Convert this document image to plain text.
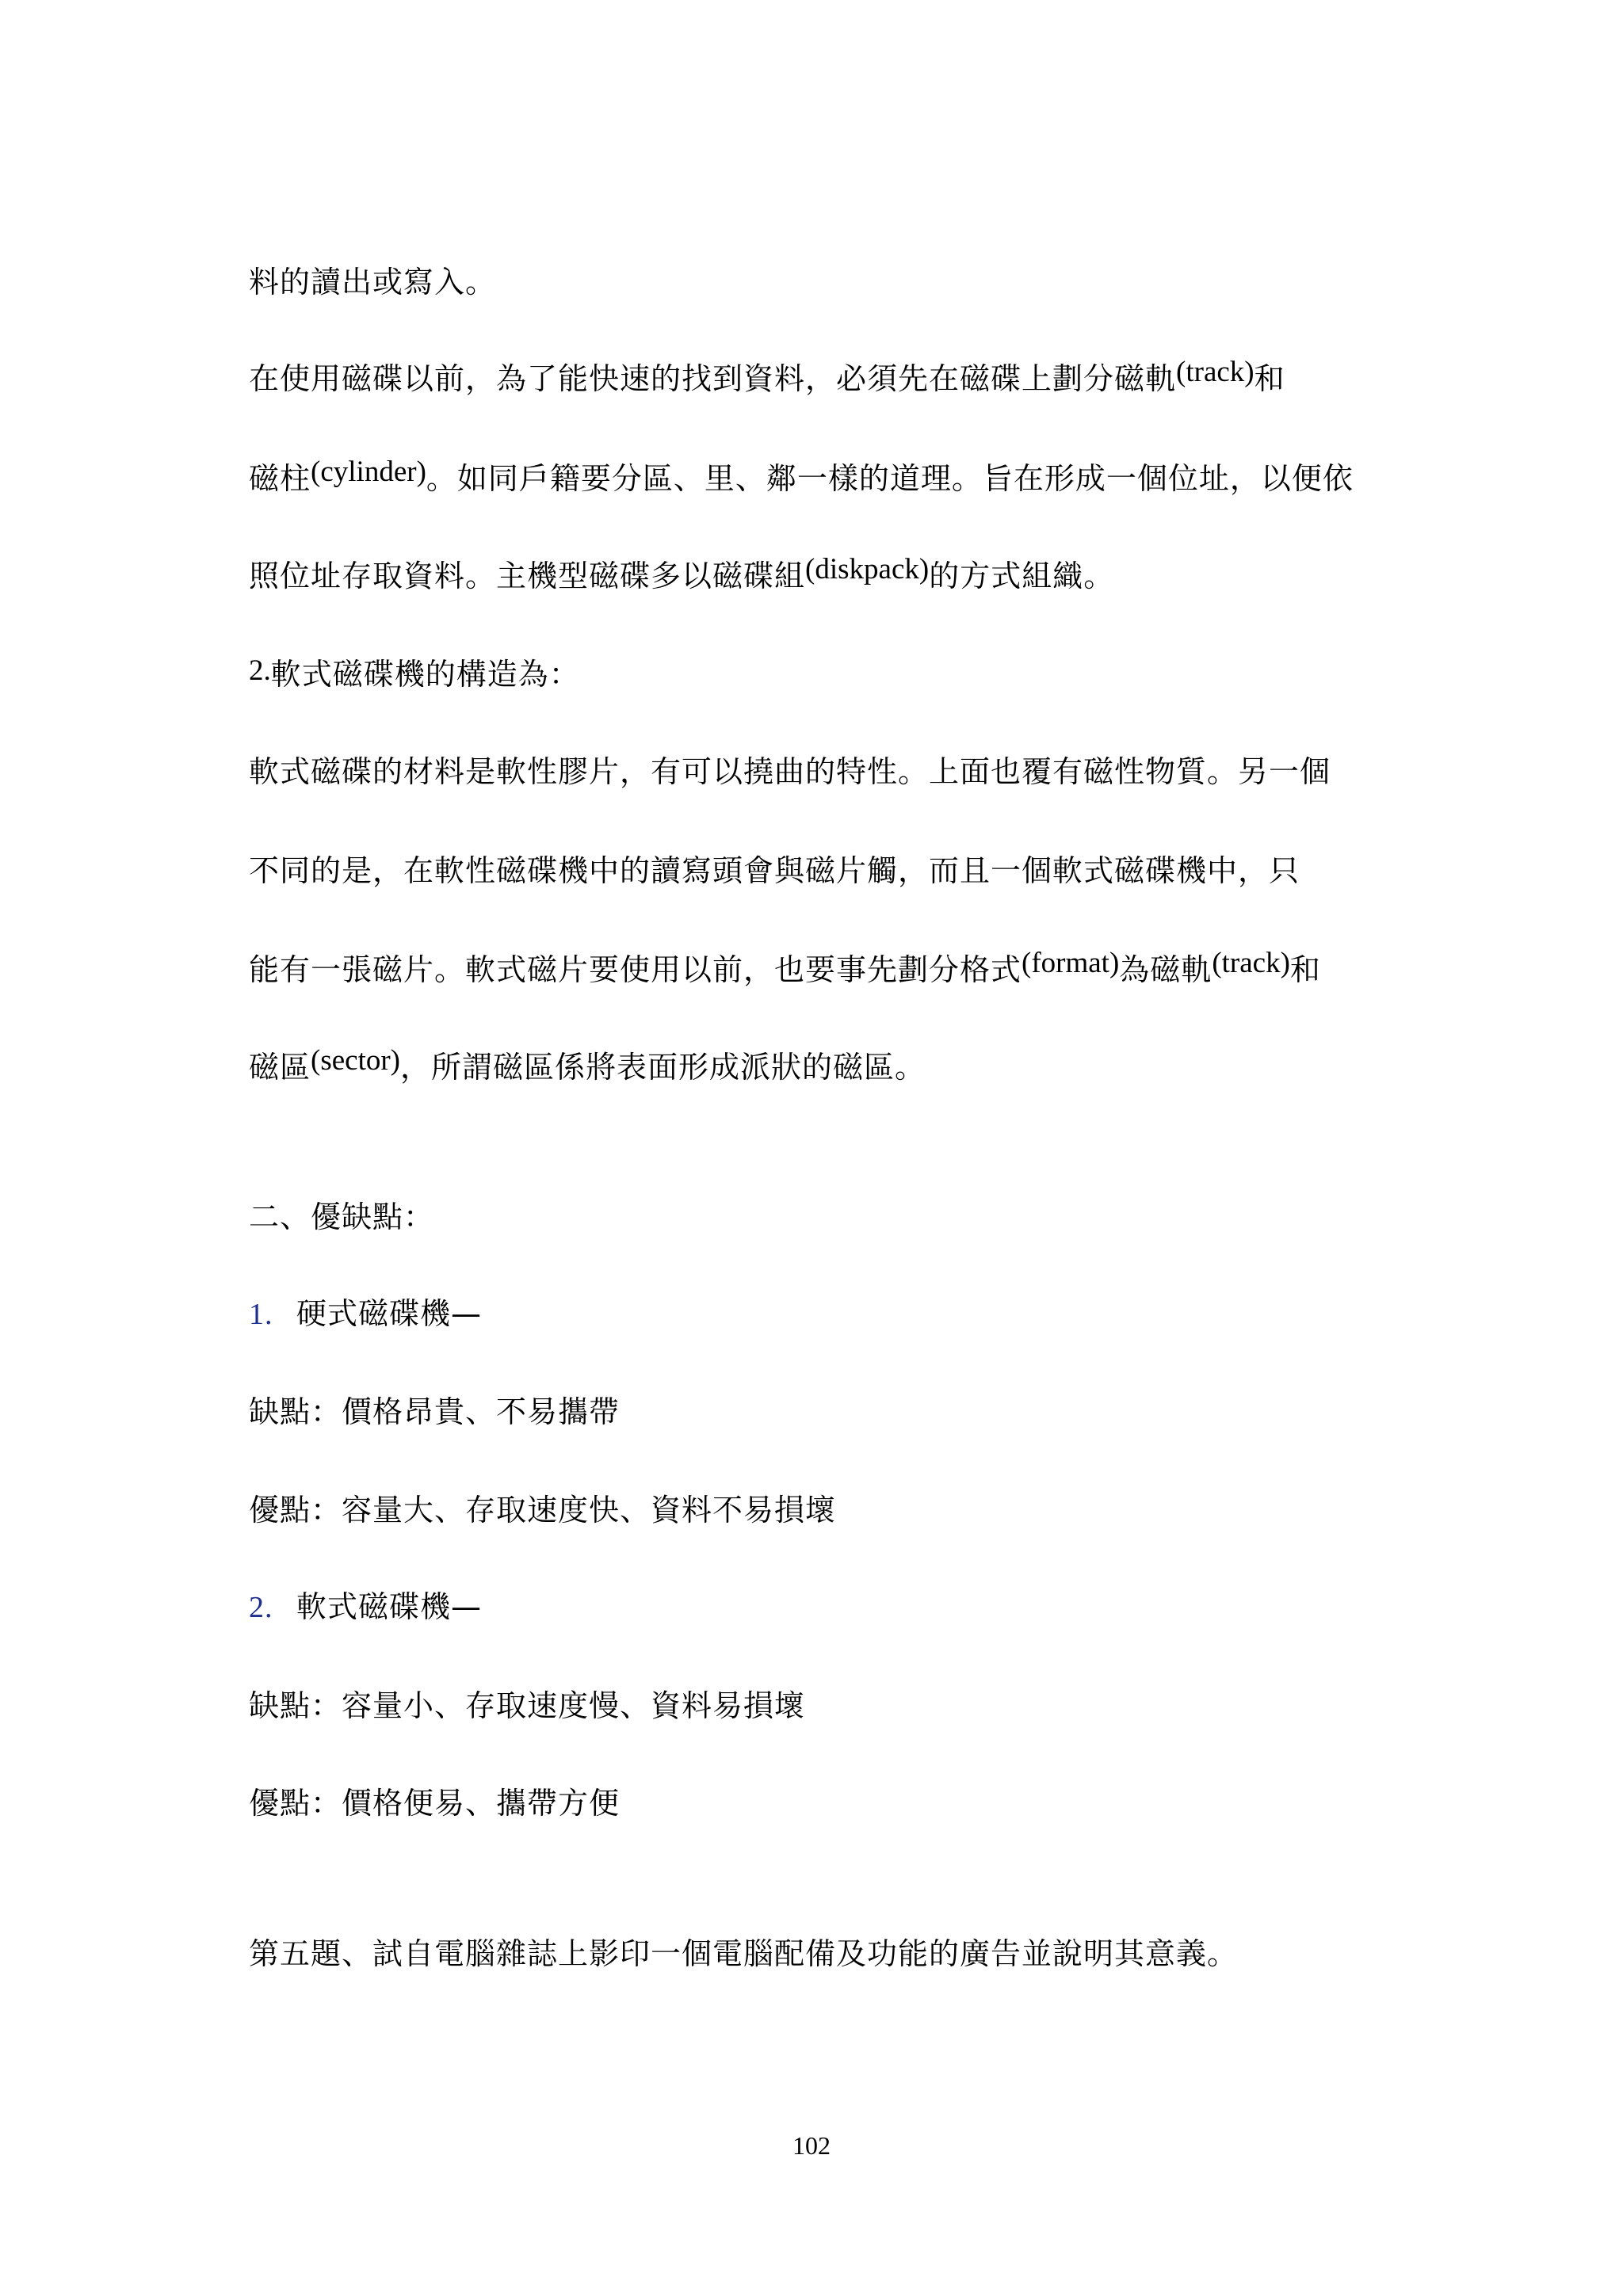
料的讀出或寫入。

在使用磁碟以前，為了能快速的找到資料，必須先在磁碟上劃分磁軌(track)和

磁柱(cylinder)。如同戶籍要分區、里、鄰一樣的道理。旨在形成一個位址，以便依

照位址存取資料。主機型磁碟多以磁碟組(diskpack)的方式組織。

2.軟式磁碟機的構造為：

軟式磁碟的材料是軟性膠片，有可以撓曲的特性。上面也覆有磁性物質。另一個

不同的是，在軟性磁碟機中的讀寫頭會與磁片觸，而且一個軟式磁碟機中，只

能有一張磁片。軟式磁片要使用以前，也要事先劃分格式(format)為磁軌(track)和

磁區(sector)，所謂磁區係將表面形成派狀的磁區。

二、優缺點：

1. 硬式磁碟機—

缺點：價格昂貴、不易攜帶

優點：容量大、存取速度快、資料不易損壞

2. 軟式磁碟機—

缺點：容量小、存取速度慢、資料易損壞

優點：價格便易、攜帶方便

第五題、試自電腦雜誌上影印一個電腦配備及功能的廣告並說明其意義。

102
